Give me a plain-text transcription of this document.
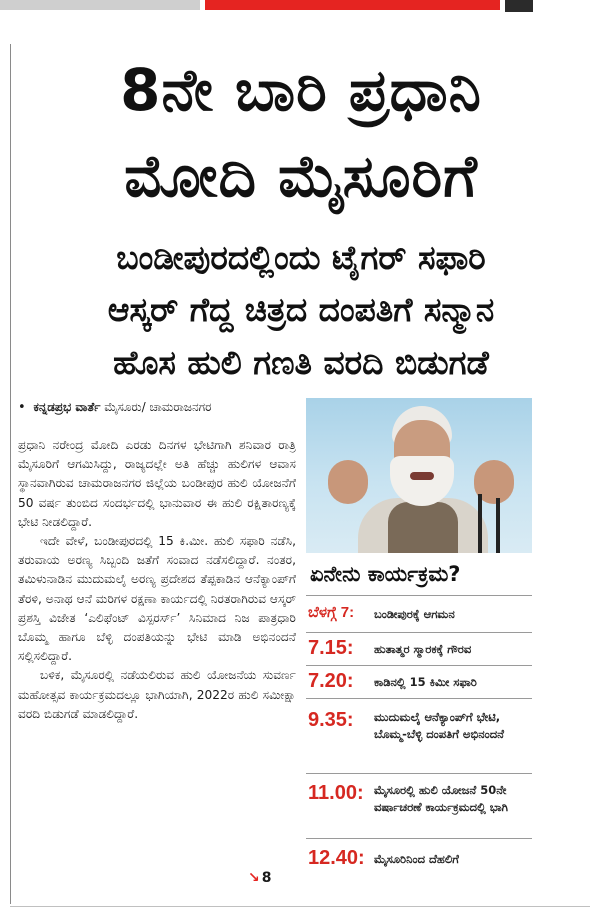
8ನೇ ಬಾರಿ ಪ್ರಧಾನಿ
ಮೋದಿ ಮೈಸೂರಿಗೆ
ಬಂಡೀಪುರದಲ್ಲಿಂದು ಟೈಗರ್ ಸಫಾರಿ
ಆಸ್ಕರ್ ಗೆದ್ದ ಚಿತ್ರದ ದಂಪತಿಗೆ ಸನ್ಮಾನ
ಹೊಸ ಹುಲಿ ಗಣತಿ ವರದಿ ಬಿಡುಗಡೆ
• ಕನ್ನಡಪ್ರಭ ವಾರ್ತೆ ಮೈಸೂರು/ ಚಾಮರಾಜನಗರ

ಪ್ರಧಾನಿ ನರೇಂದ್ರ ಮೋದಿ ಎರಡು ದಿನಗಳ ಭೇಟಿಗಾಗಿ ಶನಿವಾರ ರಾತ್ರಿ ಮೈಸೂರಿಗೆ ಆಗಮಿಸಿದ್ದು, ರಾಜ್ಯದಲ್ಲೇ ಅತಿ ಹೆಚ್ಚು ಹುಲಿಗಳ ಆವಾಸ ಸ್ಥಾನವಾಗಿರುವ ಚಾಮರಾಜನಗರ ಜಿಲ್ಲೆಯ ಬಂಡೀಪುರ ಹುಲಿ ಯೋಜನೆಗೆ 50 ವರ್ಷ ತುಂಬಿದ ಸಂದರ್ಭದಲ್ಲಿ ಭಾನುವಾರ ಈ ಹುಲಿ ರಕ್ಷಿತಾರಣ್ಯಕ್ಕೆ ಭೇಟಿ ನೀಡಲಿದ್ದಾರೆ.

ಇದೇ ವೇಳೆ, ಬಂಡೀಪುರದಲ್ಲಿ 15 ಕಿ.ಮೀ. ಹುಲಿ ಸಫಾರಿ ನಡೆಸಿ, ತರುವಾಯ ಅರಣ್ಯ ಸಿಬ್ಬಂದಿ ಜತೆಗೆ ಸಂವಾದ ನಡೆಸಲಿದ್ದಾರೆ. ನಂತರ, ತಮಿಳುನಾಡಿನ ಮುದುಮಲೈ ಅರಣ್ಯ ಪ್ರದೇಶದ ತೆಪ್ಪಕಾಡಿನ ಆನೆಕ್ಯಾಂಪ್‌ಗೆ ತೆರಳಿ, ಅನಾಥ ಆನೆ ಮರಿಗಳ ರಕ್ಷಣಾ ಕಾರ್ಯದಲ್ಲಿ ನಿರತರಾಗಿರುವ ಆಸ್ಕರ್ ಪ್ರಶಸ್ತಿ ವಿಜೇತ ‘ಎಲಿಫೆಂಟ್ ವಿಸ್ಪರರ್ಸ್’ ಸಿನಿಮಾದ ನಿಜ ಪಾತ್ರಧಾರಿ ಬೊಮ್ಮ ಹಾಗೂ ಬೆಳ್ಳಿ ದಂಪತಿಯನ್ನು ಭೇಟಿ ಮಾಡಿ ಅಭಿನಂದನೆ ಸಲ್ಲಿಸಲಿದ್ದಾರೆ.

ಬಳಿಕ, ಮೈಸೂರಲ್ಲಿ ನಡೆಯಲಿರುವ ಹುಲಿ ಯೋಜನೆಯ ಸುವರ್ಣ ಮಹೋತ್ಸವ ಕಾರ್ಯಕ್ರಮದಲ್ಲೂ ಭಾಗಿಯಾಗಿ, 2022ರ ಹುಲಿ ಸಮೀಕ್ಷಾ ವರದಿ ಬಿಡುಗಡೆ ಮಾಡಲಿದ್ದಾರೆ.

↘ 8
ಏನೇನು ಕಾರ್ಯಕ್ರಮ?
ಬೆಳಗ್ಗೆ 7: ಬಂಡೀಪುರಕ್ಕೆ ಆಗಮನ
7.15: ಹುತಾತ್ಮರ ಸ್ಮಾರಕಕ್ಕೆ ಗೌರವ
7.20: ಕಾಡಿನಲ್ಲಿ 15 ಕಿಮೀ ಸಫಾರಿ
9.35: ಮುದುಮಲೈ ಆನೆಕ್ಯಾಂಪ್‌ಗೆ ಭೇಟಿ, ಬೊಮ್ಮ-ಬೆಳ್ಳಿ ದಂಪತಿಗೆ ಅಭಿನಂದನೆ
11.00: ಮೈಸೂರಲ್ಲಿ ಹುಲಿ ಯೋಜನೆ 50ನೇ ವರ್ಷಾಚರಣೆ ಕಾರ್ಯಕ್ರಮದಲ್ಲಿ ಭಾಗಿ
12.40: ಮೈಸೂರಿನಿಂದ ದೆಹಲಿಗೆ
